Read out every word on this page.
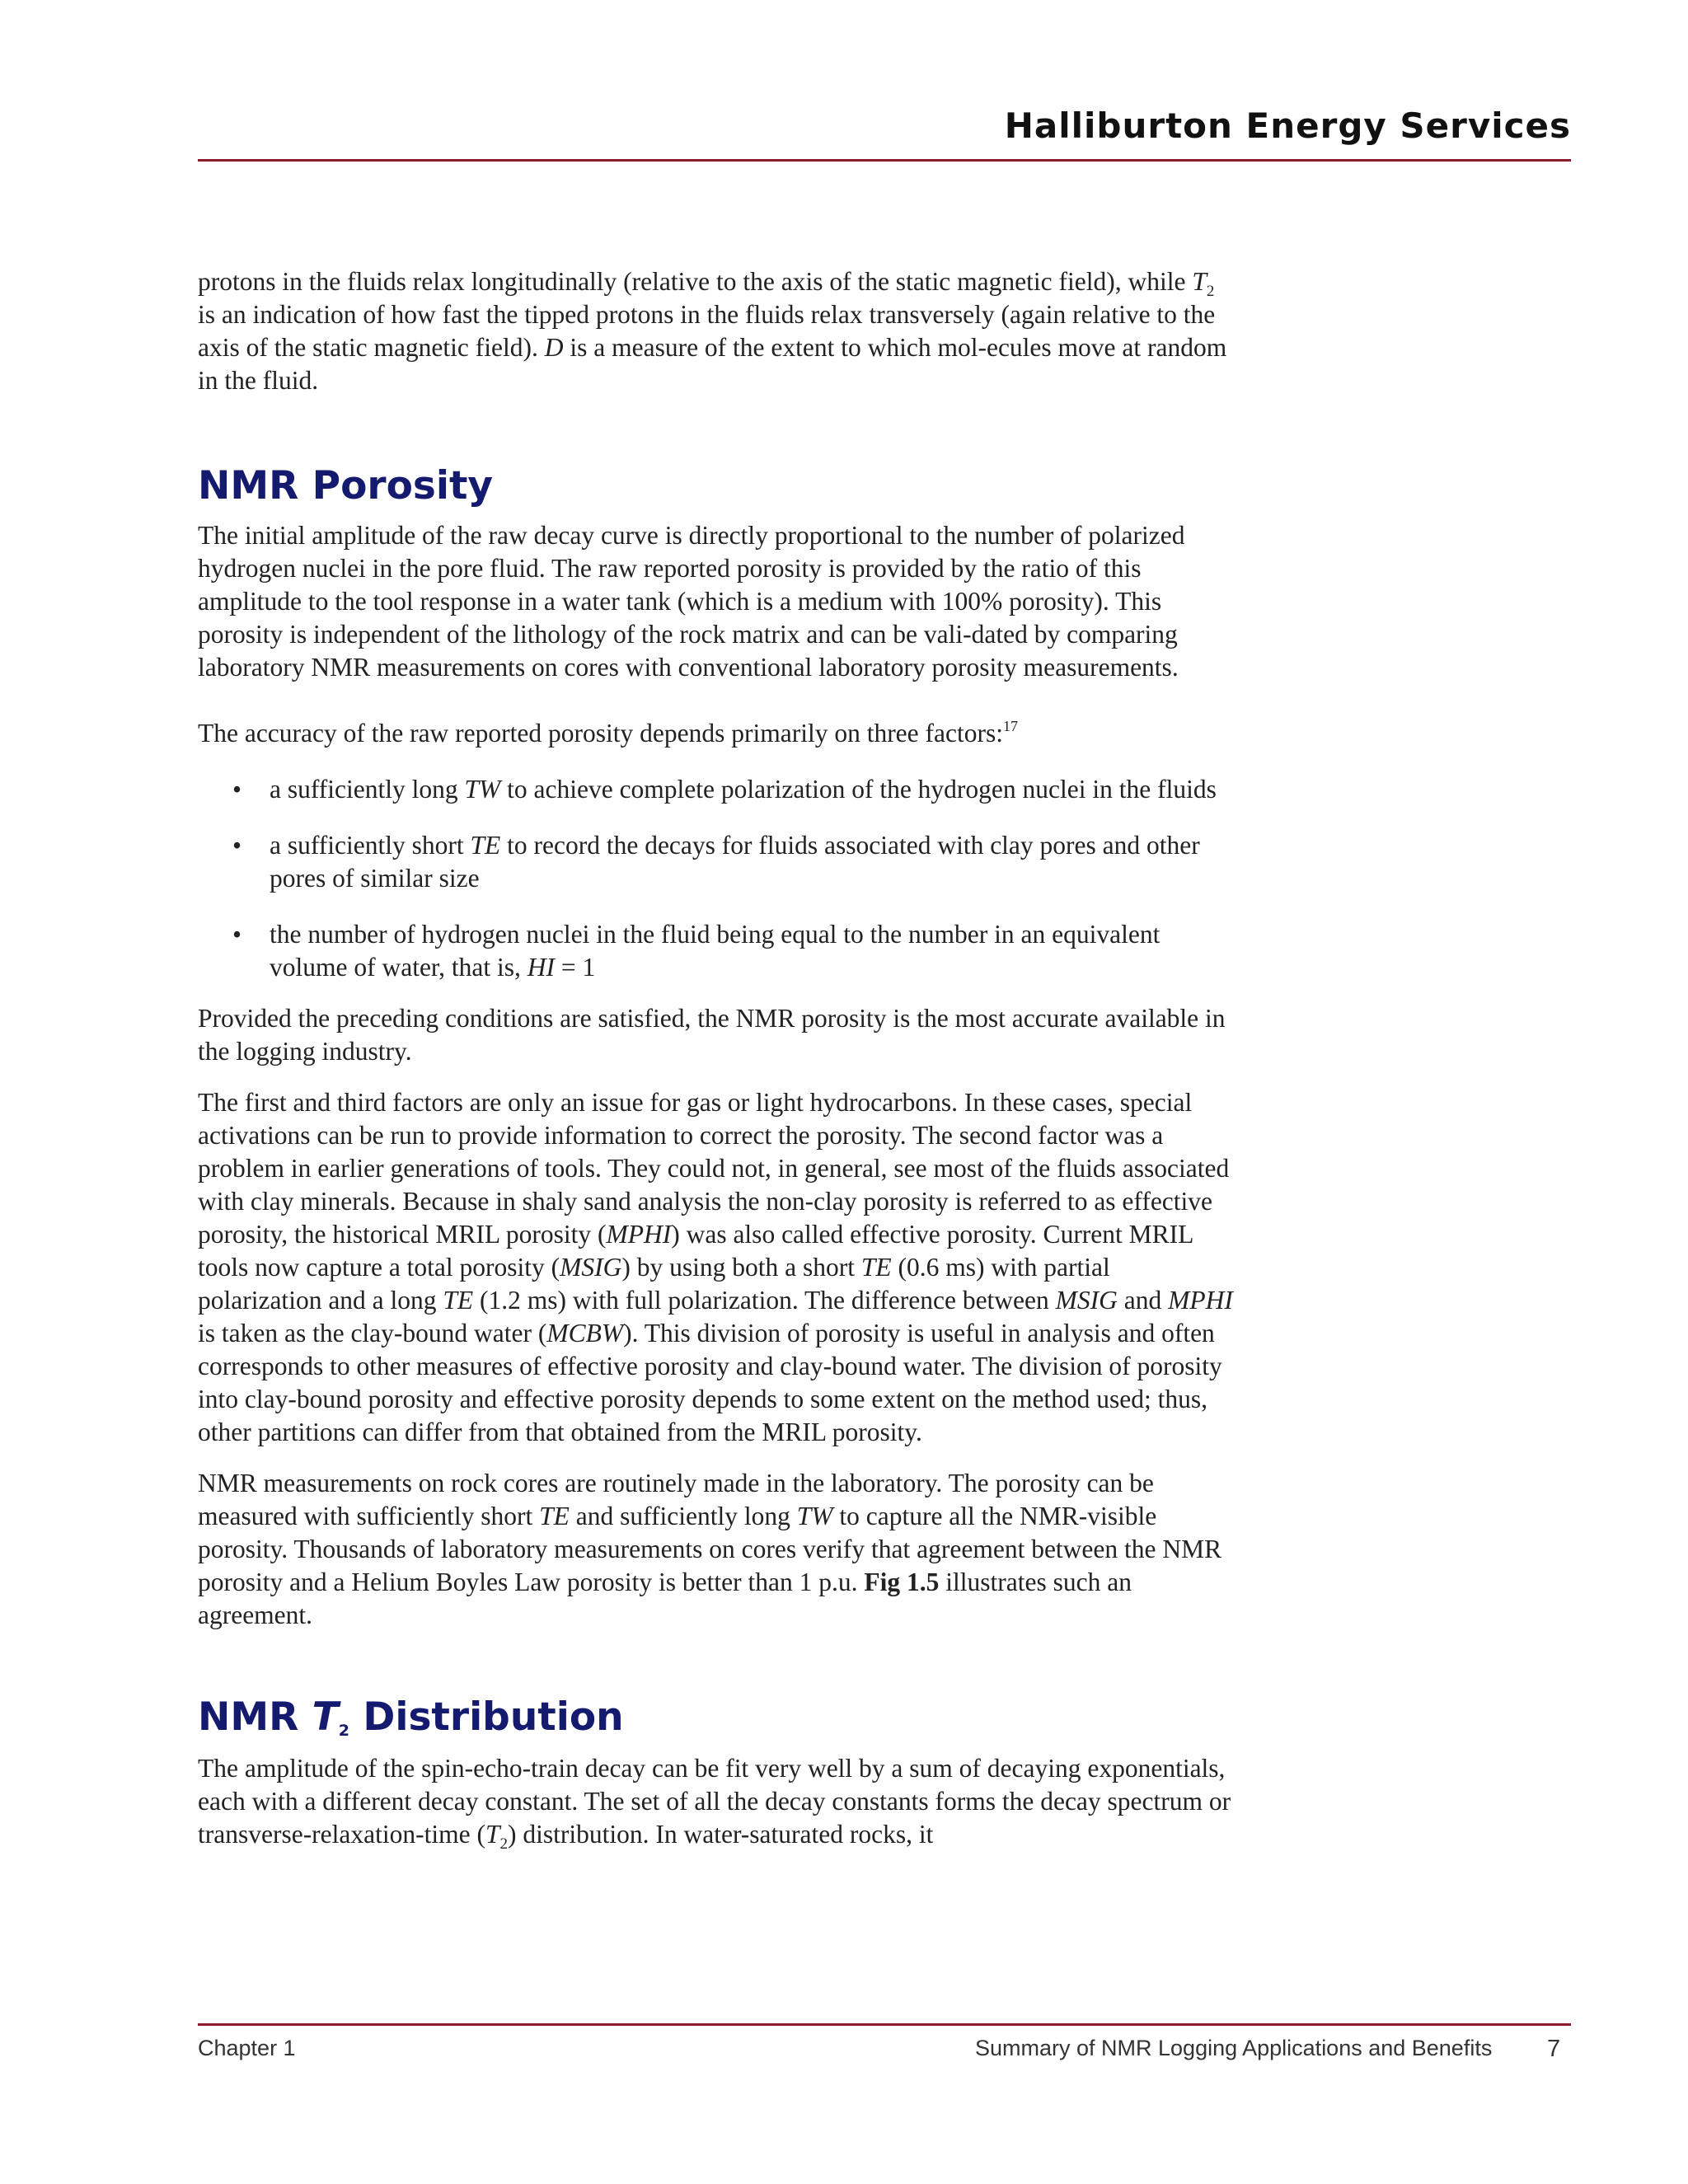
Halliburton Energy Services

protons in the fluids relax longitudinally (relative to the axis of the static magnetic field), while $T_2$ is an indication of how fast the tipped protons in the fluids relax transversely (again relative to the axis of the static magnetic field). D is a measure of the extent to which mol-ecules move at random in the fluid.

NMR Porosity

The initial amplitude of the raw decay curve is directly proportional to the number of polarized hydrogen nuclei in the pore fluid. The raw reported porosity is provided by the ratio of this amplitude to the tool response in a water tank (which is a medium with 100% porosity). This porosity is independent of the lithology of the rock matrix and can be vali-dated by comparing laboratory NMR measurements on cores with conventional laboratory porosity measurements.

The accuracy of the raw reported porosity depends primarily on three factors:$^{17}$

• a sufficiently long TW to achieve complete polarization of the hydrogen nuclei in the fluids
• a sufficiently short TE to record the decays for fluids associated with clay pores and other pores of similar size
• the number of hydrogen nuclei in the fluid being equal to the number in an equivalent volume of water, that is, HI = 1

Provided the preceding conditions are satisfied, the NMR porosity is the most accurate available in the logging industry.

The first and third factors are only an issue for gas or light hydrocarbons. In these cases, special activations can be run to provide information to correct the porosity. The second factor was a problem in earlier generations of tools. They could not, in general, see most of the fluids associated with clay minerals. Because in shaly sand analysis the non-clay porosity is referred to as effective porosity, the historical MRIL porosity (MPHI) was also called effective porosity. Current MRIL tools now capture a total porosity (MSIG) by using both a short TE (0.6 ms) with partial polarization and a long TE (1.2 ms) with full polarization. The difference between MSIG and MPHI is taken as the clay-bound water (MCBW). This division of porosity is useful in analysis and often corresponds to other measures of effective porosity and clay-bound water. The division of porosity into clay-bound porosity and effective porosity depends to some extent on the method used; thus, other partitions can differ from that obtained from the MRIL porosity.

NMR measurements on rock cores are routinely made in the laboratory. The porosity can be measured with sufficiently short TE and sufficiently long TW to capture all the NMR-visible porosity. Thousands of laboratory measurements on cores verify that agreement between the NMR porosity and a Helium Boyles Law porosity is better than 1 p.u. Fig 1.5 illustrates such an agreement.

NMR $T_2$ Distribution

The amplitude of the spin-echo-train decay can be fit very well by a sum of decaying exponentials, each with a different decay constant. The set of all the decay constants forms the decay spectrum or transverse-relaxation-time $(T_2)$ distribution. In water-saturated rocks, it

Chapter 1	Summary of NMR Logging Applications and Benefits 7
